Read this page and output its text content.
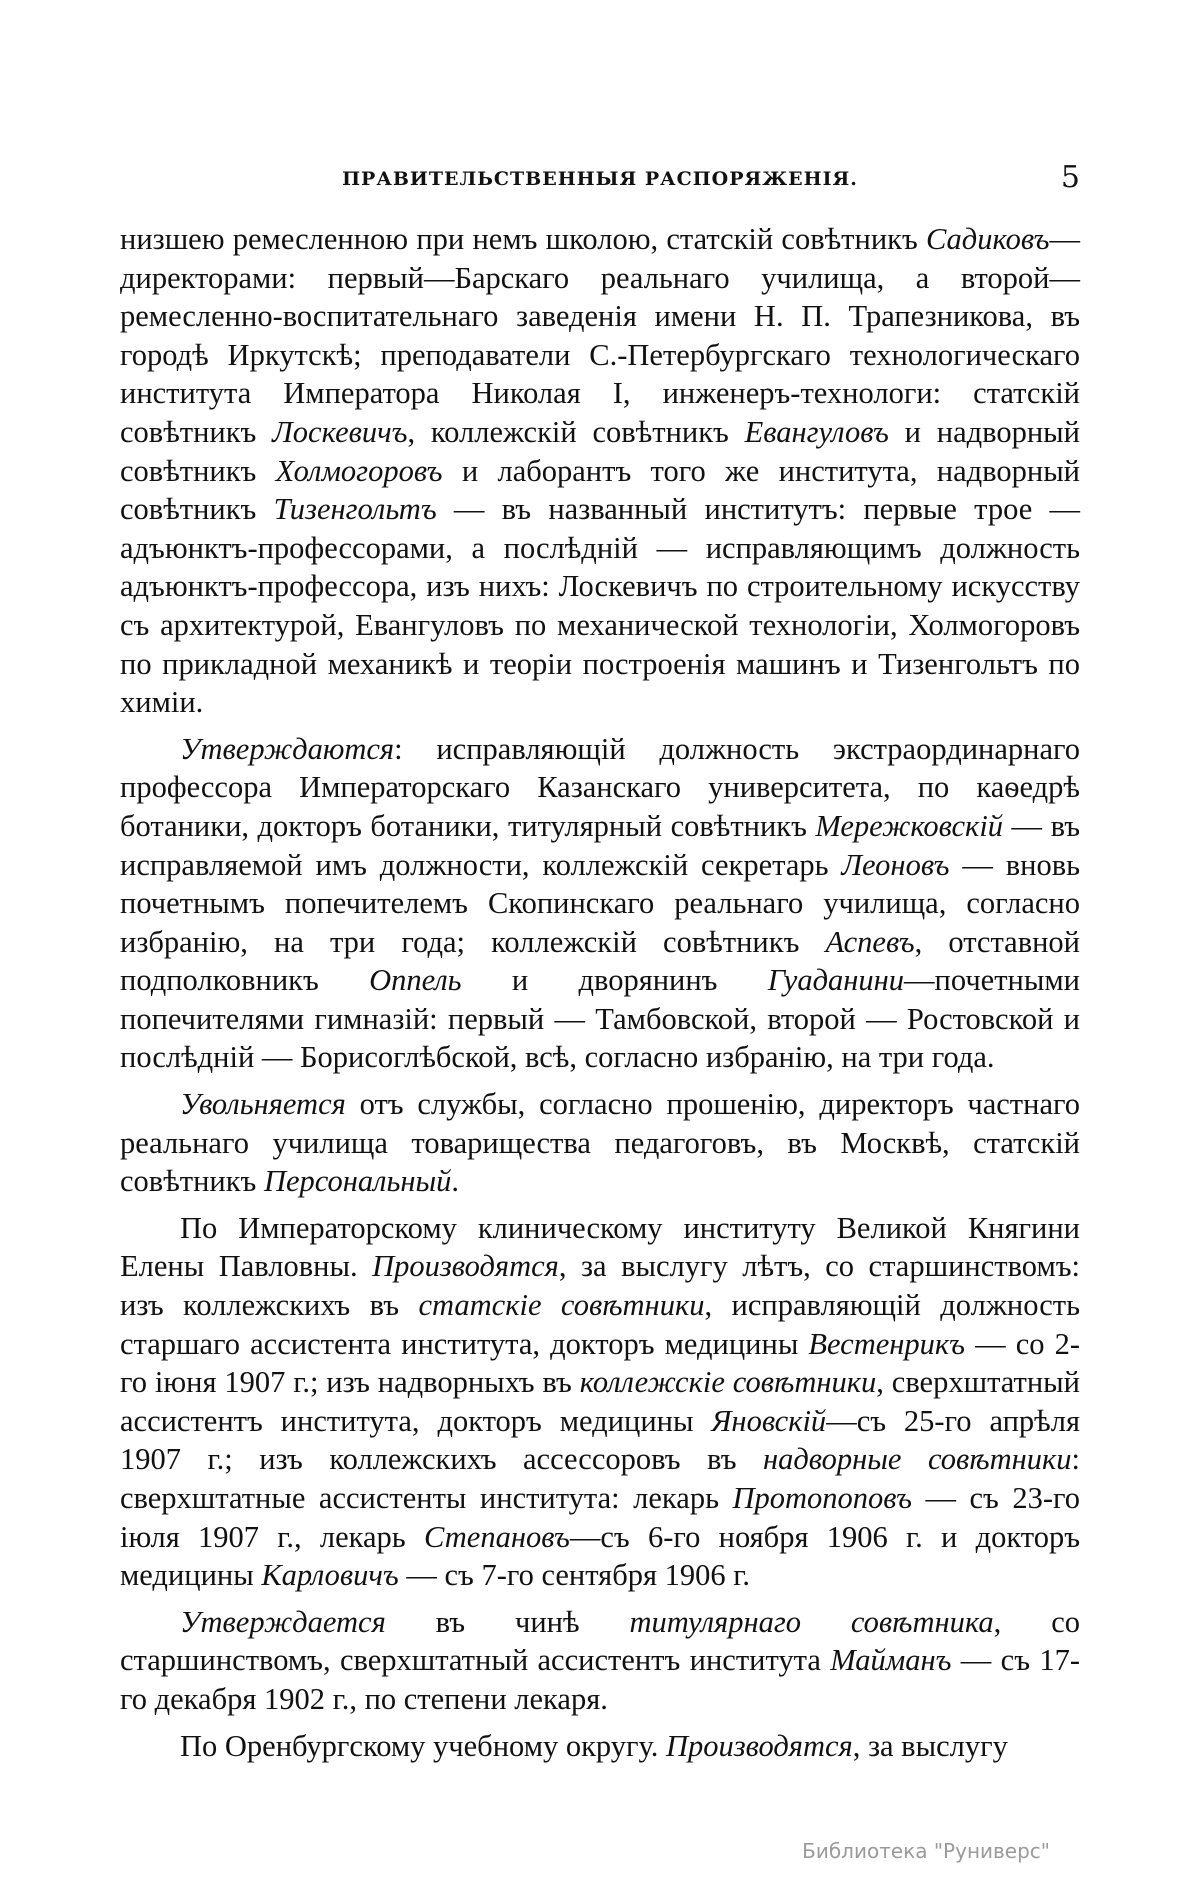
ПРАВИТЕЛЬСТВЕННЫЯ РАСПОРЯЖЕНІЯ.	5

низшею ремесленною при немъ школою, статскій совѣтникъ Садиковъ—директорами: первый—Барскаго реальнаго училища, а второй—ремесленно-воспитательнаго заведенія имени Н. П. Трапезникова, въ городѣ Иркутскѣ; преподаватели С.-Петербургскаго технологическаго института Императора Николая I, инженеръ-технологи: статскій совѣтникъ Лоскевичъ, коллежскій совѣтникъ Евангуловъ и надворный совѣтникъ Холмогоровъ и лаборантъ того же института, надворный совѣтникъ Тизенгольтъ — въ названный институтъ: первые трое — адъюнктъ-профессорами, а послѣдній — исправляющимъ должность адъюнктъ-профессора, изъ нихъ: Лоскевичъ по строительному искусству съ архитектурой, Евангуловъ по механической технологіи, Холмогоровъ по прикладной механикѣ и теоріи построенія машинъ и Тизенгольтъ по химіи.

Утверждаются: исправляющій должность экстраординарнаго профессора Императорскаго Казанскаго университета, по каѳедрѣ ботаники, докторъ ботаники, титулярный совѣтникъ Мережковскій — въ исправляемой имъ должности, коллежскій секретарь Леоновъ — вновь почетнымъ попечителемъ Скопинскаго реальнаго училища, согласно избранію, на три года; коллежскій совѣтникъ Аспевъ, отставной подполковникъ Оппель и дворянинъ Гуаданини—почетными попечителями гимназій: первый — Тамбовской, второй — Ростовской и послѣдній — Борисоглѣбской, всѣ, согласно избранію, на три года.

Увольняется отъ службы, согласно прошенію, директоръ частнаго реальнаго училища товарищества педагоговъ, въ Москвѣ, статскій совѣтникъ Персональный.

По Императорскому клиническому институту Великой Княгини Елены Павловны. Производятся, за выслугу лѣтъ, со старшинствомъ: изъ коллежскихъ въ статскіе совѣтники, исправляющій должность старшаго ассистента института, докторъ медицины Вестенрикъ — со 2-го іюня 1907 г.; изъ надворныхъ въ коллежскіе совѣтники, сверхштатный ассистентъ института, докторъ медицины Яновскій—съ 25-го апрѣля 1907 г.; изъ коллежскихъ ассессоровъ въ надворные совѣтники: сверхштатные ассистенты института: лекарь Протопоповъ — съ 23-го іюля 1907 г., лекарь Степановъ—съ 6-го ноября 1906 г. и докторъ медицины Карловичъ — съ 7-го сентября 1906 г.

Утверждается въ чинѣ титулярнаго совѣтника, со старшинствомъ, сверхштатный ассистентъ института Майманъ — съ 17-го декабря 1902 г., по степени лекаря.

По Оренбургскому учебному округу. Производятся, за выслугу

Библиотека "Руниверс"
